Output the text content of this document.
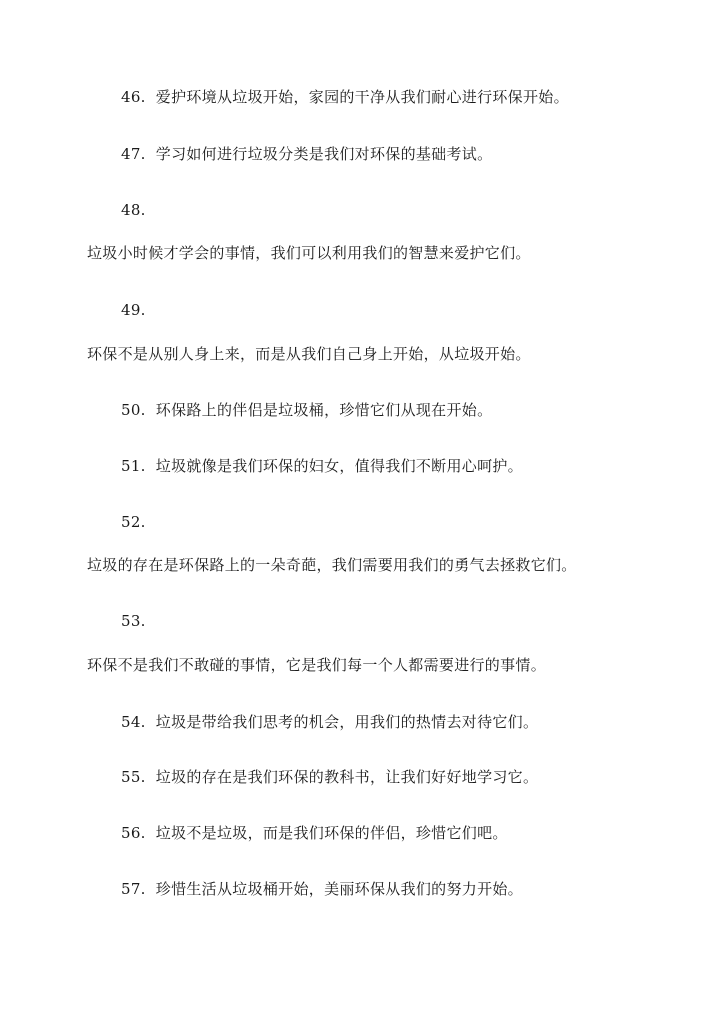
46. 爱护环境从垃圾开始，家园的干净从我们耐心进行环保开始。
47. 学习如何进行垃圾分类是我们对环保的基础考试。
48.
垃圾小时候才学会的事情，我们可以利用我们的智慧来爱护它们。
49.
环保不是从别人身上来，而是从我们自己身上开始，从垃圾开始。
50. 环保路上的伴侣是垃圾桶，珍惜它们从现在开始。
51. 垃圾就像是我们环保的妇女，值得我们不断用心呵护。
52.
垃圾的存在是环保路上的一朵奇葩，我们需要用我们的勇气去拯救它们。
53.
环保不是我们不敢碰的事情，它是我们每一个人都需要进行的事情。
54. 垃圾是带给我们思考的机会，用我们的热情去对待它们。
55. 垃圾的存在是我们环保的教科书，让我们好好地学习它。
56. 垃圾不是垃圾，而是我们环保的伴侣，珍惜它们吧。
57. 珍惜生活从垃圾桶开始，美丽环保从我们的努力开始。
